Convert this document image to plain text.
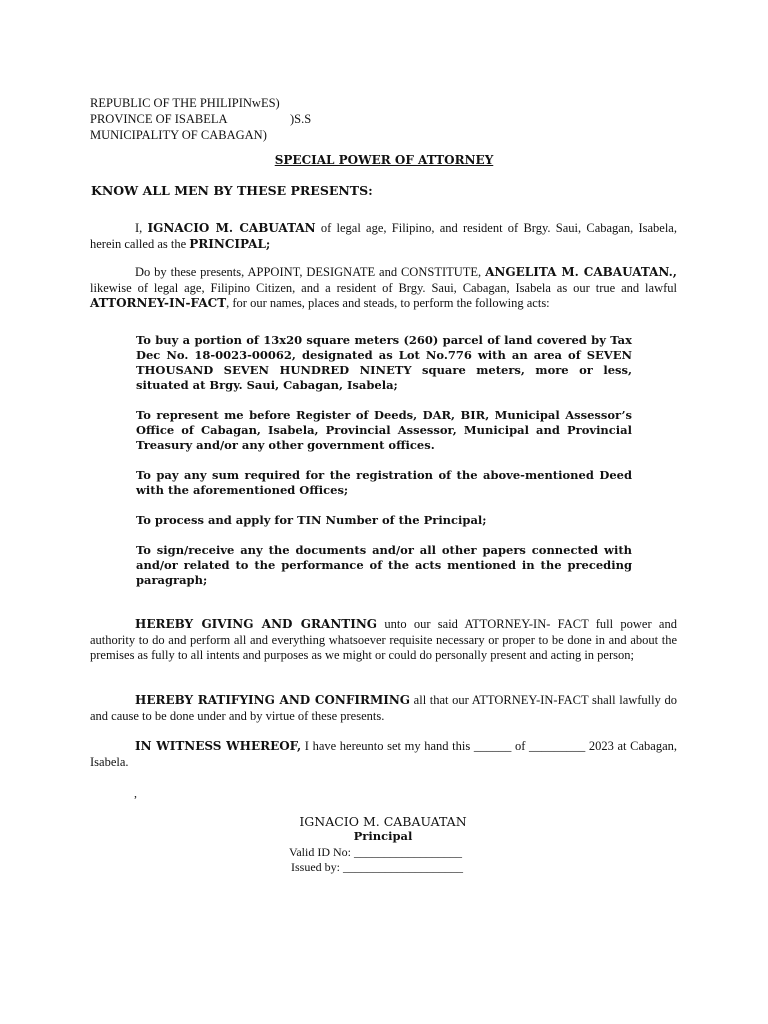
REPUBLIC OF THE PHILIPINwES)
PROVINCE OF ISABELA	)S.S
MUNICIPALITY OF CABAGAN)
SPECIAL POWER OF ATTORNEY
KNOW ALL MEN BY THESE PRESENTS:
I, IGNACIO M. CABUATAN of legal age, Filipino, and resident of Brgy. Saui, Cabagan, Isabela, herein called as the PRINCIPAL;
Do by these presents, APPOINT, DESIGNATE and CONSTITUTE, ANGELITA M. CABAUATAN., likewise of legal age, Filipino Citizen, and a resident of Brgy. Saui, Cabagan, Isabela as our true and lawful ATTORNEY-IN-FACT, for our names, places and steads, to perform the following acts:

To buy a portion of 13x20 square meters (260) parcel of land covered by Tax Dec No. 18-0023-00062, designated as Lot No.776 with an area of SEVEN THOUSAND SEVEN HUNDRED NINETY square meters, more or less, situated at Brgy. Saui, Cabagan, Isabela;

To represent me before Register of Deeds, DAR, BIR, Municipal Assessor’s Office of Cabagan, Isabela, Provincial Assessor, Municipal and Provincial Treasury and/or any other government offices.

To pay any sum required for the registration of the above-mentioned Deed with the aforementioned Offices;

To process and apply for TIN Number of the Principal;

To sign/receive any the documents and/or all other papers connected with and/or related to the performance of the acts mentioned in the preceding paragraph;

HEREBY GIVING AND GRANTING unto our said ATTORNEY-IN- FACT full power and authority to do and perform all and everything whatsoever requisite necessary or proper to be done in and about the premises as fully to all intents and purposes as we might or could do personally present and acting in person;
HEREBY RATIFYING AND CONFIRMING all that our ATTORNEY-IN-FACT shall lawfully do and cause to be done under and by virtue of these presents.
IN WITNESS WHEREOF, I have hereunto set my hand this ______ of _________ 2023 at Cabagan, Isabela.
,
IGNACIO M. CABAUATAN
Principal
Valid ID No: __________________
Issued by: ____________________
